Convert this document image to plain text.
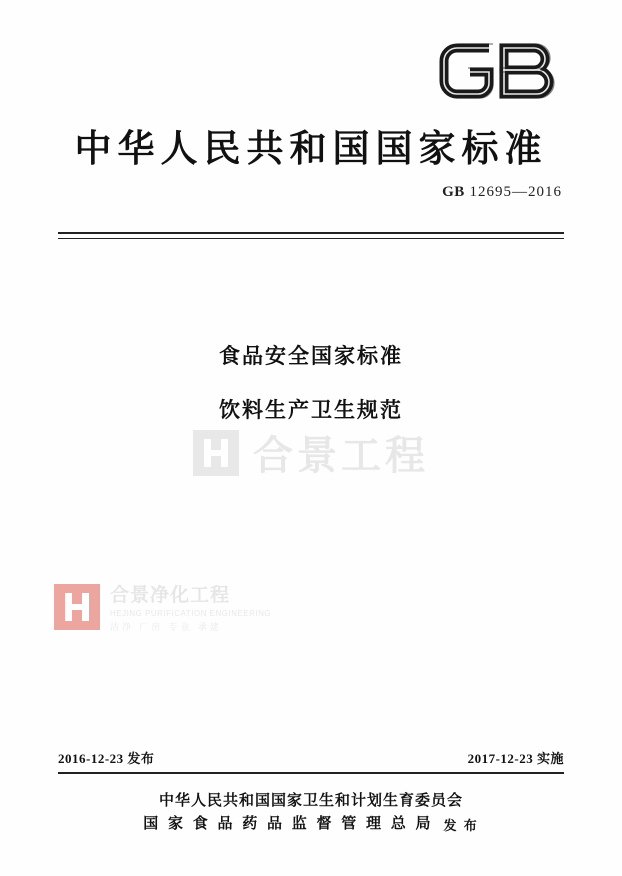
中华人民共和国国家标准
GB 12695—2016
食品安全国家标准
饮料生产卫生规范
合景工程
合景净化工程
HEJING PURIFICATION ENGINEERING
洁净 厂房 专业 承建
2016-12-23 发布	2017-12-23 实施
中华人民共和国国家卫生和计划生育委员会
国 家 食 品 药 品 监 督 管 理 总 局 发 布
